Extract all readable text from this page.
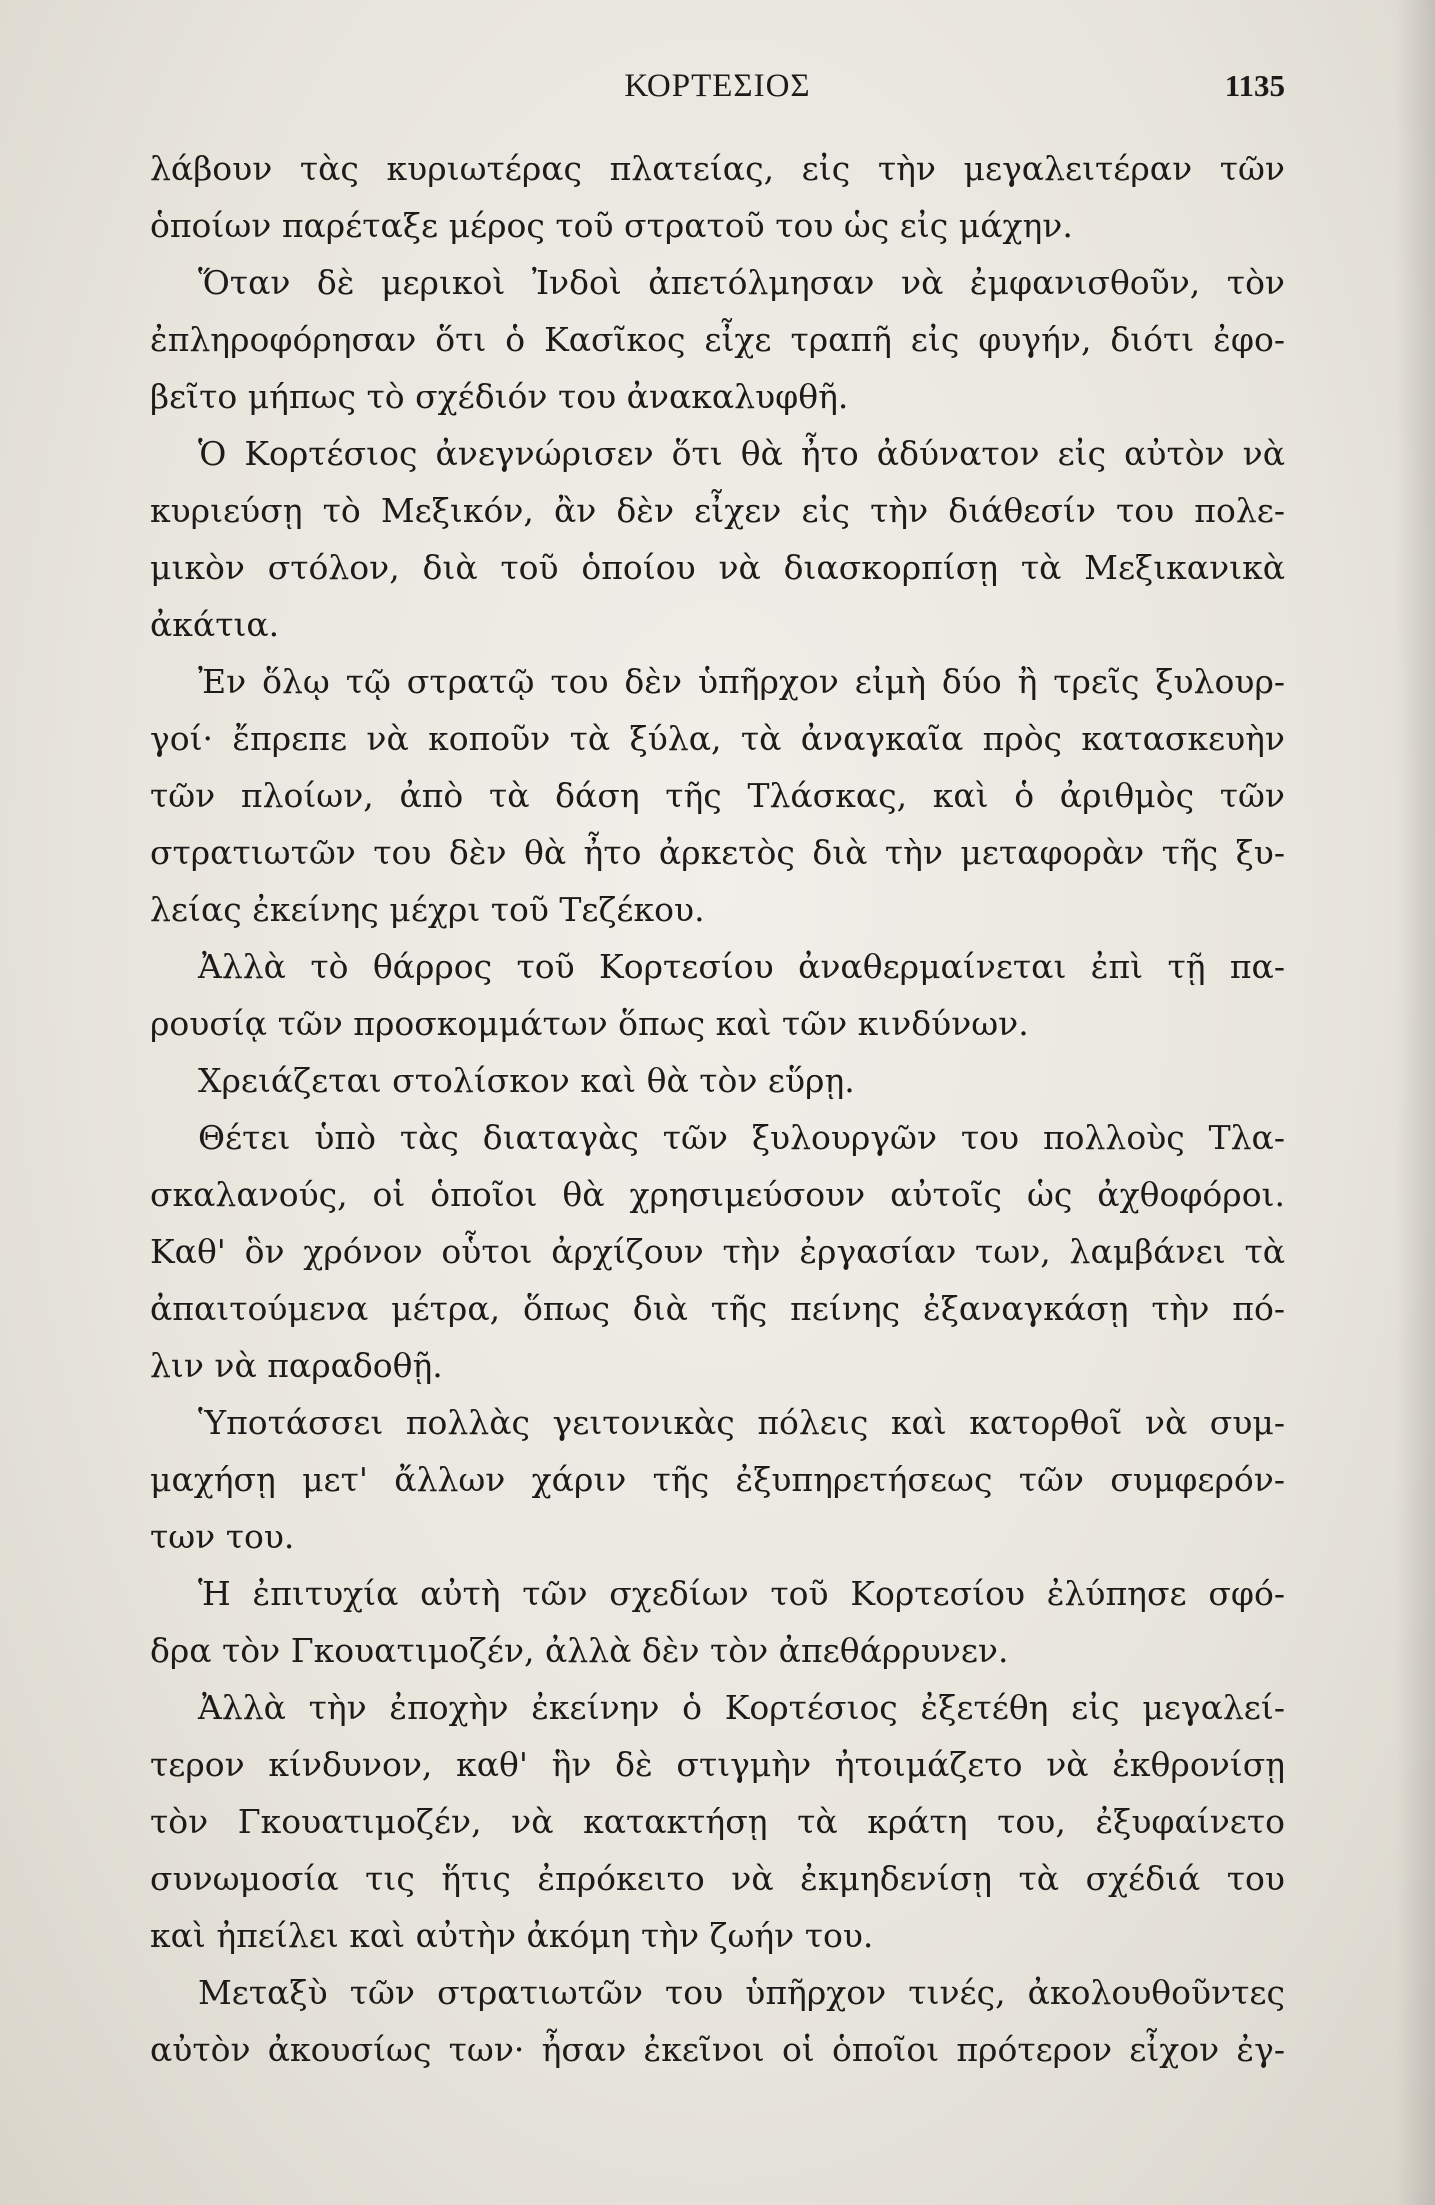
ΚΟΡΤΕΣΙΟΣ	1135
λάβουν τὰς κυριωτέρας πλατείας, εἰς τὴν μεγαλειτέραν τῶν
ὁποίων παρέταξε μέρος τοῦ στρατοῦ του ὡς εἰς μάχην.
Ὅταν δὲ μερικοὶ Ἰνδοὶ ἀπετόλμησαν νὰ ἐμφανισθοῦν, τὸν
ἐπληροφόρησαν ὅτι ὁ Κασῖκος εἶχε τραπῆ εἰς φυγήν, διότι ἐφο-
βεῖτο μήπως τὸ σχέδιόν του ἀνακαλυφθῆ.
Ὁ Κορτέσιος ἀνεγνώρισεν ὅτι θὰ ἦτο ἀδύνατον εἰς αὐτὸν νὰ
κυριεύσῃ τὸ Μεξικόν, ἂν δὲν εἶχεν εἰς τὴν διάθεσίν του πολε-
μικὸν στόλον, διὰ τοῦ ὁποίου νὰ διασκορπίσῃ τὰ Μεξικανικὰ
ἀκάτια.
Ἐν ὅλῳ τῷ στρατῷ του δὲν ὑπῆρχον εἰμὴ δύο ἢ τρεῖς ξυλουρ-
γοί· ἔπρεπε νὰ κοποῦν τὰ ξύλα, τὰ ἀναγκαῖα πρὸς κατασκευὴν
τῶν πλοίων, ἀπὸ τὰ δάση τῆς Τλάσκας, καὶ ὁ ἀριθμὸς τῶν
στρατιωτῶν του δὲν θὰ ἦτο ἀρκετὸς διὰ τὴν μεταφορὰν τῆς ξυ-
λείας ἐκείνης μέχρι τοῦ Τεζέκου.
Ἀλλὰ τὸ θάρρος τοῦ Κορτεσίου ἀναθερμαίνεται ἐπὶ τῇ πα-
ρουσίᾳ τῶν προσκομμάτων ὅπως καὶ τῶν κινδύνων.
Χρειάζεται στολίσκον καὶ θὰ τὸν εὕρῃ.
Θέτει ὑπὸ τὰς διαταγὰς τῶν ξυλουργῶν του πολλοὺς Τλα-
σκαλανούς, οἱ ὁποῖοι θὰ χρησιμεύσουν αὐτοῖς ὡς ἀχθοφόροι.
Καθ' ὃν χρόνον οὗτοι ἀρχίζουν τὴν ἐργασίαν των, λαμβάνει τὰ
ἀπαιτούμενα μέτρα, ὅπως διὰ τῆς πείνης ἐξαναγκάσῃ τὴν πό-
λιν νὰ παραδοθῇ.
Ὑποτάσσει πολλὰς γειτονικὰς πόλεις καὶ κατορθοῖ νὰ συμ-
μαχήσῃ μετ' ἄλλων χάριν τῆς ἐξυπηρετήσεως τῶν συμφερόν-
των του.
Ἡ ἐπιτυχία αὐτὴ τῶν σχεδίων τοῦ Κορτεσίου ἐλύπησε σφό-
δρα τὸν Γκουατιμοζέν, ἀλλὰ δὲν τὸν ἀπεθάρρυνεν.
Ἀλλὰ τὴν ἐποχὴν ἐκείνην ὁ Κορτέσιος ἐξετέθη εἰς μεγαλεί-
τερον κίνδυνον, καθ' ἣν δὲ στιγμὴν ἠτοιμάζετο νὰ ἐκθρονίσῃ
τὸν Γκουατιμοζέν, νὰ κατακτήσῃ τὰ κράτη του, ἐξυφαίνετο
συνωμοσία τις ἥτις ἐπρόκειτο νὰ ἐκμηδενίσῃ τὰ σχέδιά του
καὶ ἠπείλει καὶ αὐτὴν ἀκόμη τὴν ζωήν του.
Μεταξὺ τῶν στρατιωτῶν του ὑπῆρχον τινές, ἀκολουθοῦντες
αὐτὸν ἀκουσίως των· ἦσαν ἐκεῖνοι οἱ ὁποῖοι πρότερον εἶχον ἐγ-
